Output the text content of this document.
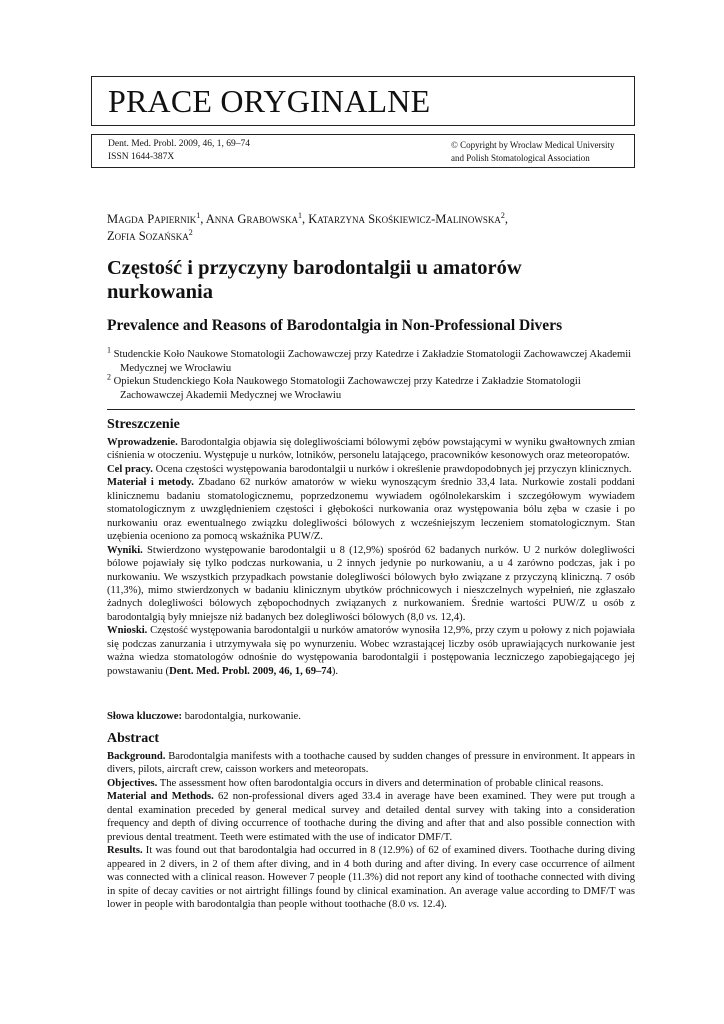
PRACE ORYGINALNE
Dent. Med. Probl. 2009, 46, 1, 69–74
ISSN 1644-387X
© Copyright by Wroclaw Medical University
and Polish Stomatological Association
Magda Papiernik$^1$, Anna Grabowska$^1$, Katarzyna Skośkiewicz-Malinowska$^2$,
Zofia Sozańska$^2$
Częstość i przyczyny barodontalgii u amatorów nurkowania
Prevalence and Reasons of Barodontalgia in Non-Professional Divers
$^1$ Studenckie Koło Naukowe Stomatologii Zachowawczej przy Katedrze i Zakładzie Stomatologii Zachowawczej Akademii Medycznej we Wrocławiu
$^2$ Opiekun Studenckiego Koła Naukowego Stomatologii Zachowawczej przy Katedrze i Zakładzie Stomatologii Zachowawczej Akademii Medycznej we Wrocławiu
Streszczenie

Wprowadzenie. Barodontalgia objawia się dolegliwościami bólowymi zębów powstającymi w wyniku gwałtownych zmian ciśnienia w otoczeniu. Występuje u nurków, lotników, personelu latającego, pracowników kesonowych oraz meteoropatów.

Cel pracy. Ocena częstości występowania barodontalgii u nurków i określenie prawdopodobnych jej przyczyn klinicznych.

Materiał i metody. Zbadano 62 nurków amatorów w wieku wynoszącym średnio 33,4 lata. Nurkowie zostali poddani klinicznemu badaniu stomatologicznemu, poprzedzonemu wywiadem ogólnolekarskim i szczegółowym wywiadem stomatologicznym z uwzględnieniem częstości i głębokości nurkowania oraz występowania bólu zęba w czasie i po nurkowaniu oraz ewentualnego związku dolegliwości bólowych z wcześniejszym leczeniem stomatologicznym. Stan uzębienia oceniono za pomocą wskaźnika PUW/Z.

Wyniki. Stwierdzono występowanie barodontalgii u 8 (12,9%) spośród 62 badanych nurków. U 2 nurków dolegliwości bólowe pojawiały się tylko podczas nurkowania, u 2 innych jedynie po nurkowaniu, a u 4 zarówno podczas, jak i po nurkowaniu. We wszystkich przypadkach powstanie dolegliwości bólowych było związane z przyczyną kliniczną. 7 osób (11,3%), mimo stwierdzonych w badaniu klinicznym ubytków próchnicowych i nieszczelnych wypełnień, nie zgłaszało żadnych dolegliwości bólowych zębopochodnych związanych z nurkowaniem. Średnie wartości PUW/Z u osób z barodontalgią były mniejsze niż badanych bez dolegliwości bólowych (8,0 vs. 12,4).

Wnioski. Częstość występowania barodontalgii u nurków amatorów wynosiła 12,9%, przy czym u połowy z nich pojawiała się podczas zanurzania i utrzymywała się po wynurzeniu. Wobec wzrastającej liczby osób uprawiających nurkowanie jest ważna wiedza stomatologów odnośnie do występowania barodontalgii i postępowania leczniczego zapobiegającego jej powstawaniu (Dent. Med. Probl. 2009, 46, 1, 69–74).

Słowa kluczowe: barodontalgia, nurkowanie.
Abstract

Background. Barodontalgia manifests with a toothache caused by sudden changes of pressure in environment. It appears in divers, pilots, aircraft crew, caisson workers and meteoropats.

Objectives. The assessment how often barodontalgia occurs in divers and determination of probable clinical reasons.

Material and Methods. 62 non-professional divers aged 33.4 in average have been examined. They were put trough a dental examination preceded by general medical survey and detailed dental survey with taking into a consideration frequency and depth of diving occurrence of toothache during the diving and after that and also possible connection with previous dental treatment. Teeth were estimated with the use of indicator DMF/T.

Results. It was found out that barodontalgia had occurred in 8 (12.9%) of 62 of examined divers. Toothache during diving appeared in 2 divers, in 2 of them after diving, and in 4 both during and after diving. In every case occurrence of ailment was connected with a clinical reason. However 7 people (11.3%) did not report any kind of toothache connected with diving in spite of decay cavities or not airtright fillings found by clinical examination. An average value according to DMF/T was lower in people with barodontalgia than people without toothache (8.0 vs. 12.4).
